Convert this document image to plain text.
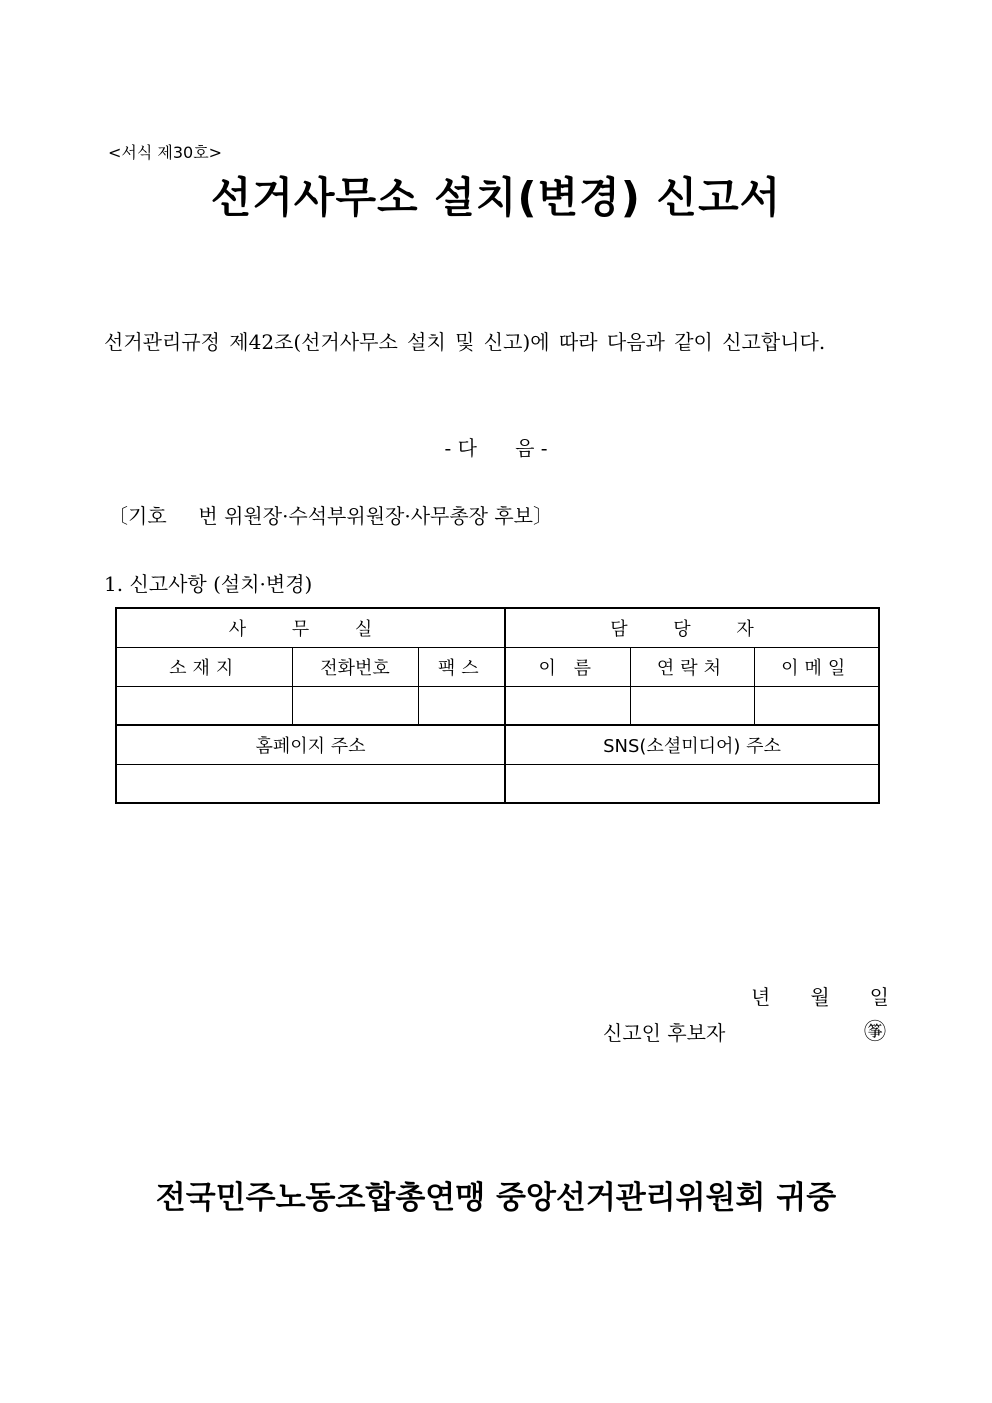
<서식 제30호>
선거사무소 설치(변경) 신고서
선거관리규정 제42조(선거사무소 설치 및 신고)에 따라 다음과 같이 신고합니다.
- 다      음 -
〔기호     번 위원장·수석부위원장·사무총장 후보〕
1. 신고사항 (설치·변경)
사 무 실			담 당 자		
소재지	전화번호	팩스	이 름	연락처	이메일

홈페이지 주소			SNS(소셜미디어) 주소		

년 월 일
신고인 후보자	㉇
전국민주노동조합총연맹 중앙선거관리위원회 귀중
